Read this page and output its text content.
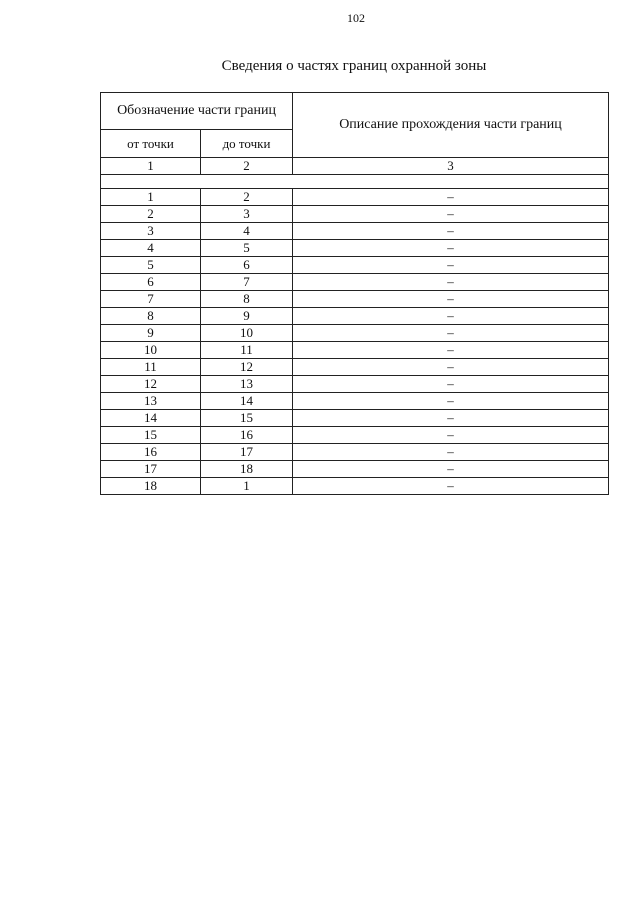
102
Сведения о частях границ охранной зоны
Обозначение части границ		Описание прохождения части границ
от точки	до точки	
1	2	3

1	2	–
2	3	–
3	4	–
4	5	–
5	6	–
6	7	–
7	8	–
8	9	–
9	10	–
10	11	–
11	12	–
12	13	–
13	14	–
14	15	–
15	16	–
16	17	–
17	18	–
18	1	–
